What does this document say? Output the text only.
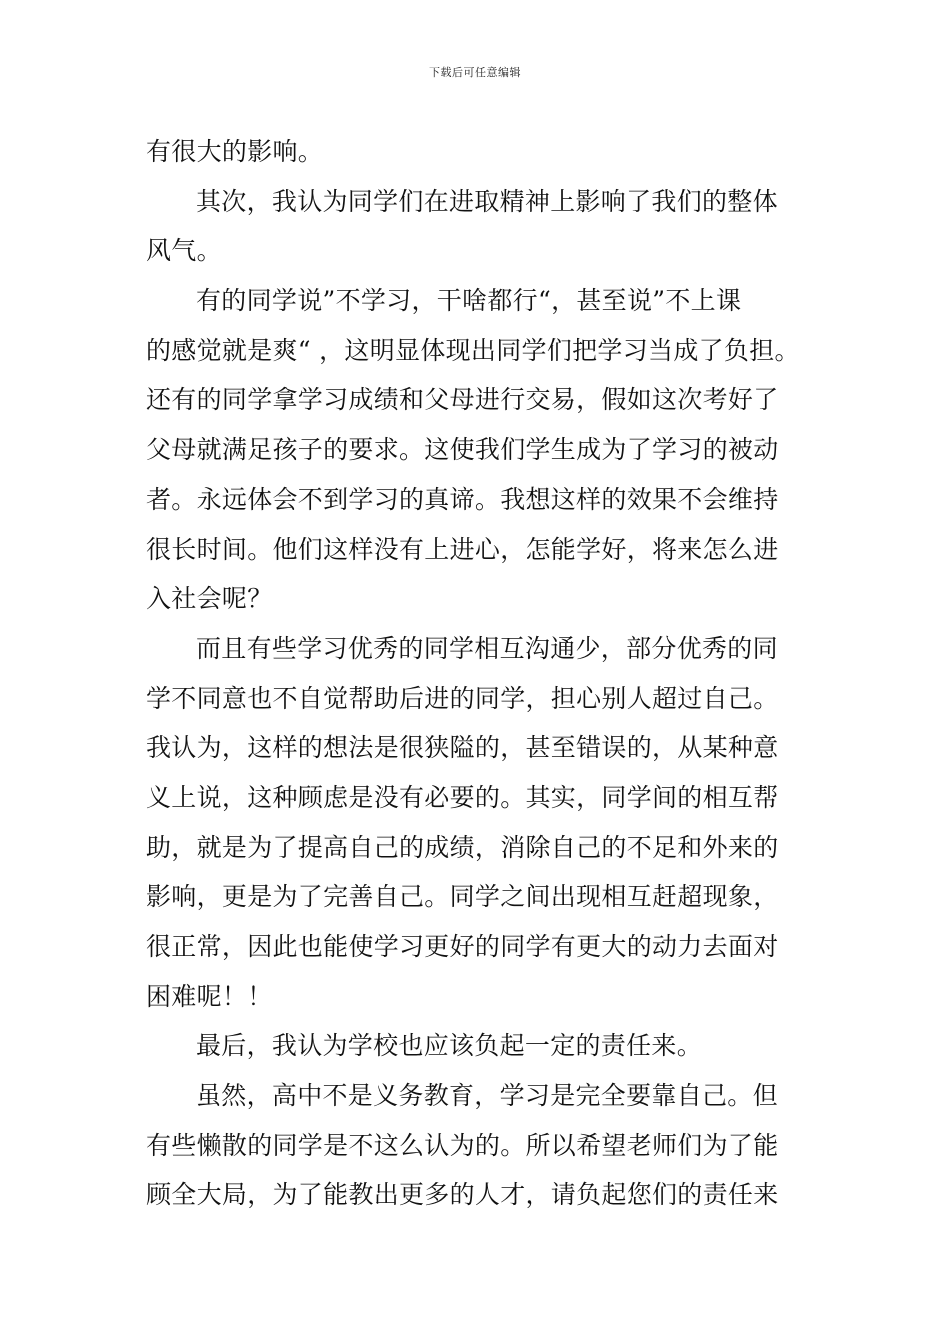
下载后可任意编辑
有很大的影响。
其次，我认为同学们在进取精神上影响了我们的整体
风气。
有的同学说”不学习，干啥都行“，甚至说”不上课
的感觉就是爽“ ，这明显体现出同学们把学习当成了负担。
还有的同学拿学习成绩和父母进行交易，假如这次考好了
父母就满足孩子的要求。这使我们学生成为了学习的被动
者。永远体会不到学习的真谛。我想这样的效果不会维持
很长时间。他们这样没有上进心，怎能学好，将来怎么进
入社会呢？
而且有些学习优秀的同学相互沟通少，部分优秀的同
学不同意也不自觉帮助后进的同学，担心别人超过自己。
我认为，这样的想法是很狭隘的，甚至错误的，从某种意
义上说，这种顾虑是没有必要的。其实，同学间的相互帮
助，就是为了提高自己的成绩，消除自己的不足和外来的
影响，更是为了完善自己。同学之间出现相互赶超现象，
很正常，因此也能使学习更好的同学有更大的动力去面对
困难呢！！
最后，我认为学校也应该负起一定的责任来。
虽然，高中不是义务教育，学习是完全要靠自己。但
有些懒散的同学是不这么认为的。所以希望老师们为了能
顾全大局，为了能教出更多的人才，请负起您们的责任来
